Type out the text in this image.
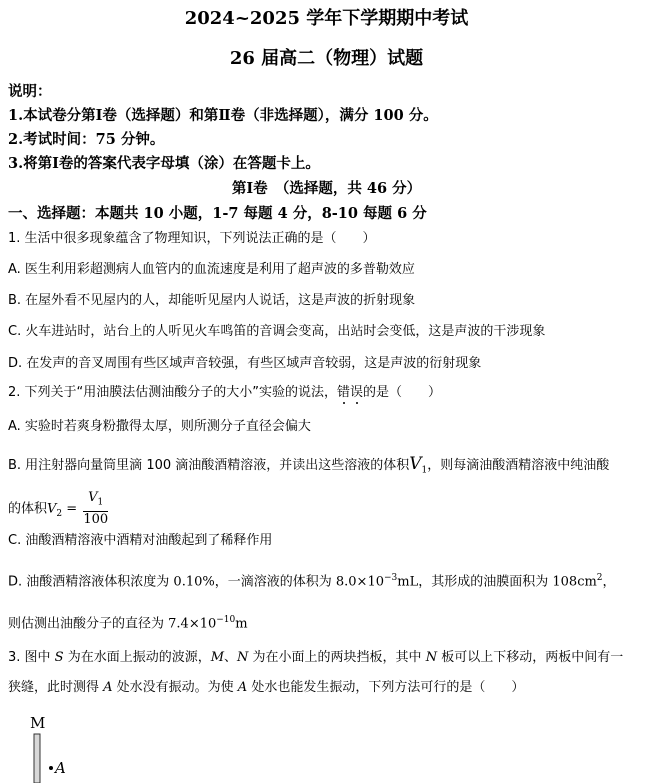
2024~2025 学年下学期期中考试
26 届高二（物理）试题
说明：
1.本试卷分第Ⅰ卷（选择题）和第Ⅱ卷（非选择题），满分 100 分。
2.考试时间：75 分钟。
3.将第Ⅰ卷的答案代表字母填（涂）在答题卡上。
第Ⅰ卷　（选择题，共 46 分）
一、选择题：本题共 10 小题，1-7 每题 4 分，8-10 每题 6 分
1. 生活中很多现象蕴含了物理知识，下列说法正确的是（　　）
A. 医生利用彩超测病人血管内的血流速度是利用了超声波的多普勒效应
B. 在屋外看不见屋内的人，却能听见屋内人说话，这是声波的折射现象
C. 火车进站时，站台上的人听见火车鸣笛的音调会变高，出站时会变低，这是声波的干涉现象
D. 在发声的音叉周围有些区域声音较强，有些区域声音较弱，这是声波的衍射现象
2. 下列关于“用油膜法估测油酸分子的大小”实验的说法，错误的是（　　）
A. 实验时若爽身粉撒得太厚，则所测分子直径会偏大
B. 用注射器向量筒里滴 100 滴油酸酒精溶液，并读出这些溶液的体积$V_1$，则每滴油酸酒精溶液中纯油酸
的体积$V_2 = \frac{V_1}{100}$
C. 油酸酒精溶液中酒精对油酸起到了稀释作用
D. 油酸酒精溶液体积浓度为 0.10%，一滴溶液的体积为 $8.0\times 10^{-3}mL$，其形成的油膜面积为 $108cm^2$，
则估测出油酸分子的直径为 $7.4\times 10^{-10}m$
3. 图中 S 为在水面上振动的波源，M、N 为在小面上的两块挡板，其中 N 板可以上下移动，两板中间有一
狭缝，此时测得 A 处水没有振动。为使 A 处水也能发生振动，下列方法可行的是（　　）
M
A
